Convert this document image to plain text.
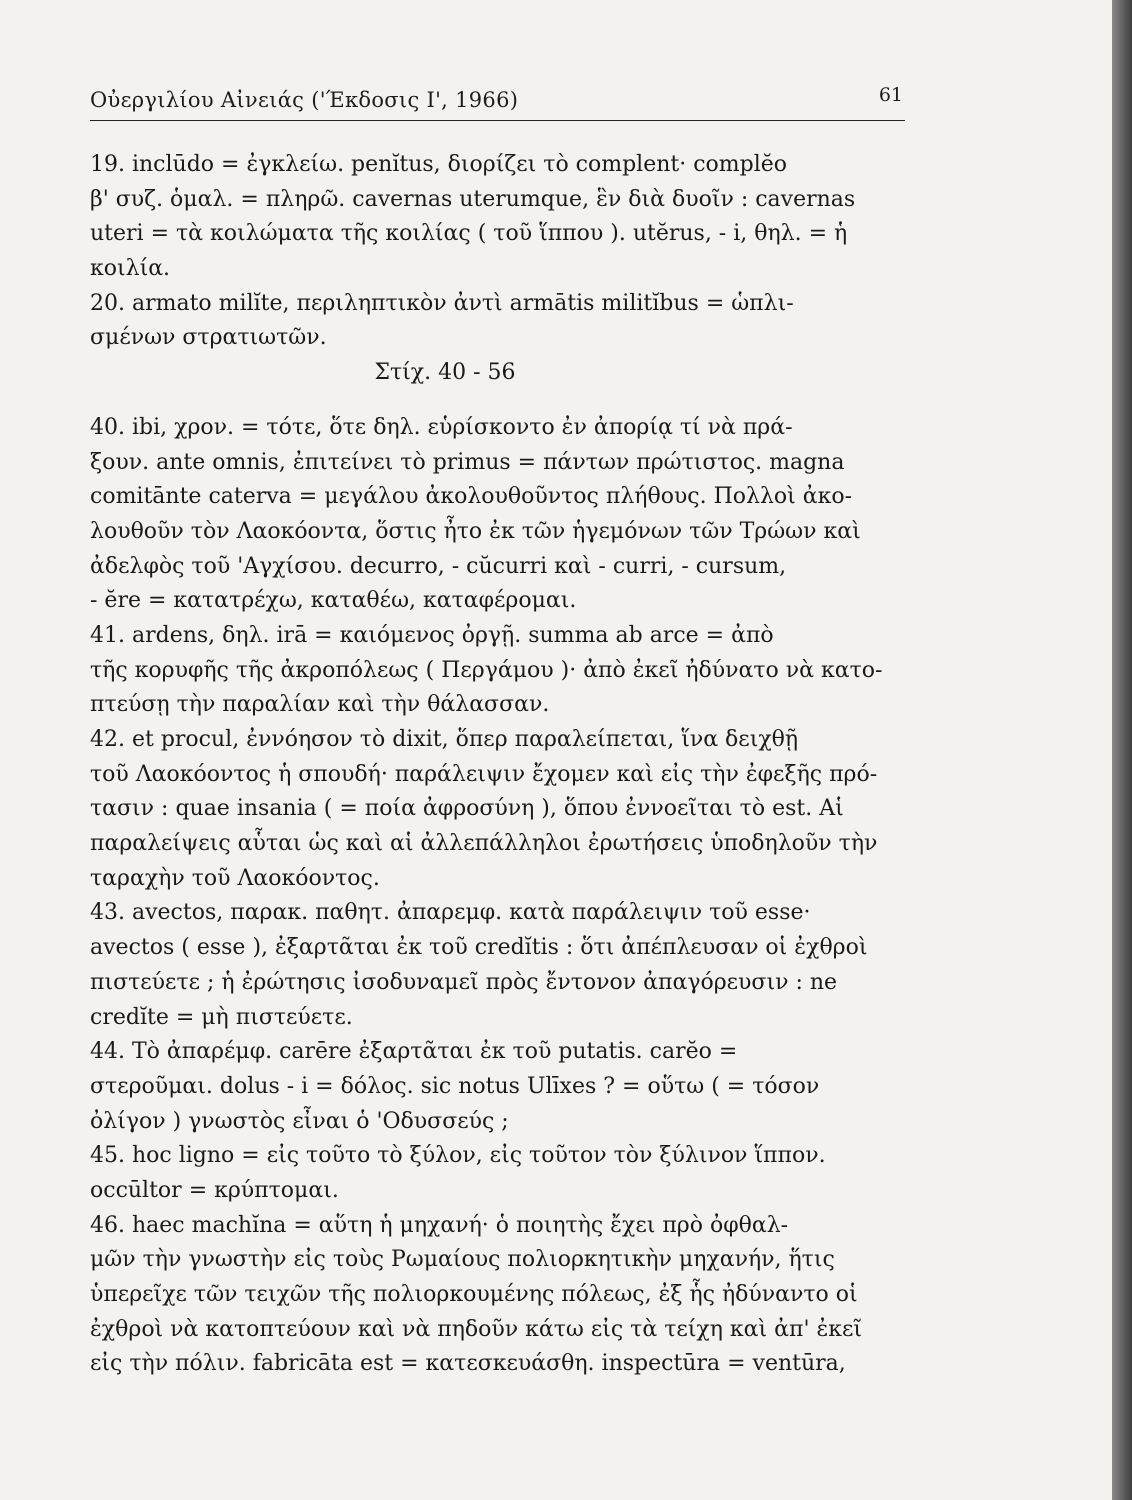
Οὐεργιλίου Αἰνειάς ('Έκδοσις Ι', 1966)	61
19. inclūdo = ἐγκλείω. penĭtus, διορίζει τὸ complent· complĕo
β' συζ. ὁμαλ. = πληρῶ. cavernas uterumque, ἓν διὰ δυοῖν : cavernas
uteri = τὰ κοιλώματα τῆς κοιλίας ( τοῦ ἵππου ). utĕrus, - i, θηλ. = ἡ
κοιλία.
20. armato milĭte, περιληπτικὸν ἀντὶ armātis militĭbus = ὡπλι-
σμένων στρατιωτῶν.
Στίχ. 40 - 56
40. ibi, χρον. = τότε, ὅτε δηλ. εὑρίσκοντο ἐν ἀπορίᾳ τί νὰ πρά-
ξουν. ante omnis, ἐπιτείνει τὸ primus = πάντων πρώτιστος. magna
comitānte caterva = μεγάλου ἀκολουθοῦντος πλήθους. Πολλοὶ ἀκο-
λουθοῦν τὸν Λαοκόοντα, ὅστις ἦτο ἐκ τῶν ἡγεμόνων τῶν Τρώων καὶ
ἀδελφὸς τοῦ 'Αγχίσου. decurro, - cŭcurri καὶ - curri, - cursum,
- ĕre = κατατρέχω, καταθέω, καταφέρομαι.
41. ardens, δηλ. irā = καιόμενος ὀργῇ. summa ab arce = ἀπὸ
τῆς κορυφῆς τῆς ἀκροπόλεως ( Περγάμου )· ἀπὸ ἐκεῖ ἠδύνατο νὰ κατο-
πτεύσῃ τὴν παραλίαν καὶ τὴν θάλασσαν.
42. et procul, ἐννόησον τὸ dixit, ὅπερ παραλείπεται, ἵνα δειχθῇ
τοῦ Λαοκόοντος ἡ σπουδή· παράλειψιν ἔχομεν καὶ εἰς τὴν ἐφεξῆς πρό-
τασιν : quae insania ( = ποία ἀφροσύνη ), ὅπου ἐννοεῖται τὸ est. Αἱ
παραλείψεις αὗται ὡς καὶ αἱ ἀλλεπάλληλοι ἐρωτήσεις ὑποδηλοῦν τὴν
ταραχὴν τοῦ Λαοκόοντος.
43. avectos, παρακ. παθητ. ἀπαρεμφ. κατὰ παράλειψιν τοῦ esse·
avectos ( esse ), ἐξαρτᾶται ἐκ τοῦ credĭtis : ὅτι ἀπέπλευσαν οἱ ἐχθροὶ
πιστεύετε ; ἡ ἐρώτησις ἰσοδυναμεῖ πρὸς ἔντονον ἀπαγόρευσιν : ne
credĭte = μὴ πιστεύετε.
44. Τὸ ἀπαρέμφ. carēre ἐξαρτᾶται ἐκ τοῦ putatis. carĕo =
στεροῦμαι. dolus - i = δόλος. sic notus Ulīxes ? = οὕτω ( = τόσον
ὀλίγον ) γνωστὸς εἶναι ὁ 'Οδυσσεύς ;
45. hoc ligno = εἰς τοῦτο τὸ ξύλον, εἰς τοῦτον τὸν ξύλινον ἵππον.
occūltor = κρύπτομαι.
46. haec machĭna = αὕτη ἡ μηχανή· ὁ ποιητὴς ἔχει πρὸ ὀφθαλ-
μῶν τὴν γνωστὴν εἰς τοὺς Ρωμαίους πολιορκητικὴν μηχανήν, ἥτις
ὑπερεῖχε τῶν τειχῶν τῆς πολιορκουμένης πόλεως, ἐξ ἧς ἠδύναντο οἱ
ἐχθροὶ νὰ κατοπτεύουν καὶ νὰ πηδοῦν κάτω εἰς τὰ τείχη καὶ ἀπ' ἐκεῖ
εἰς τὴν πόλιν. fabricāta est = κατεσκευάσθη. inspectūra = ventūra,
